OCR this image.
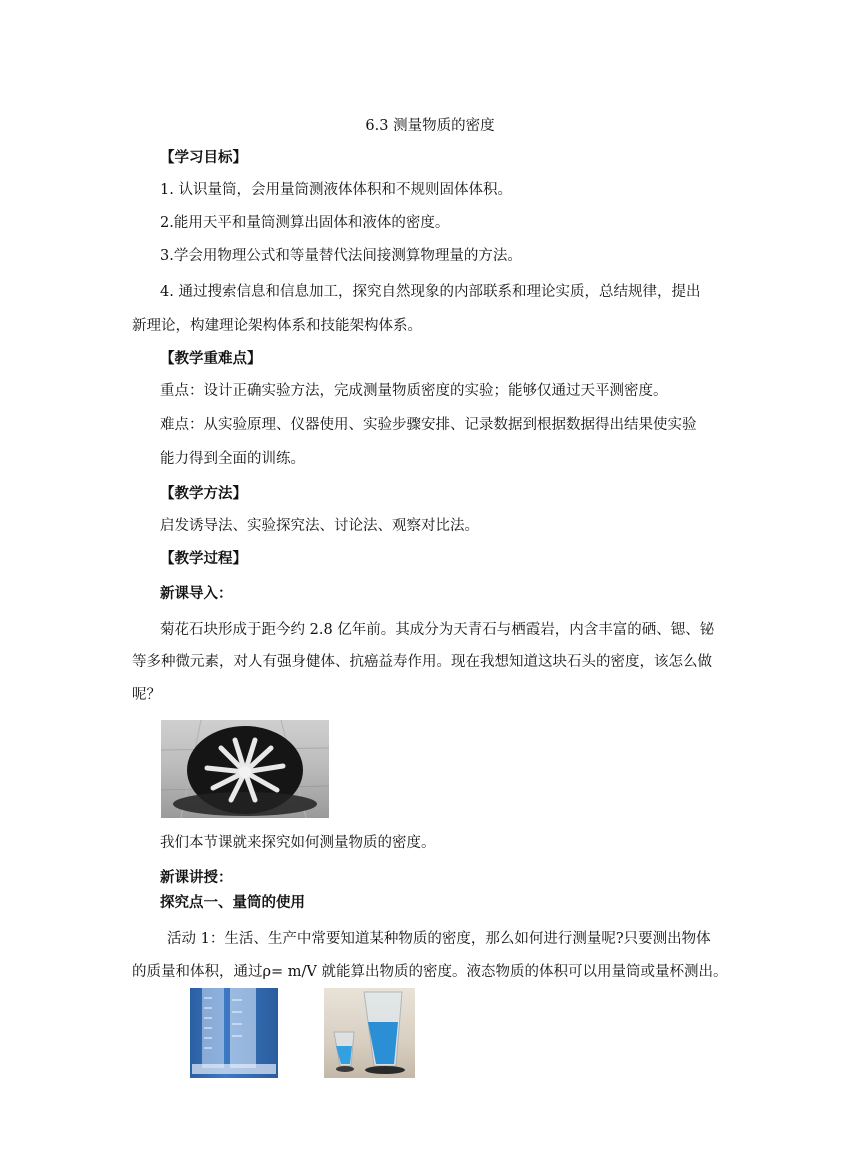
6.3 测量物质的密度
【学习目标】
1. 认识量筒，会用量筒测液体体积和不规则固体体积。
2.能用天平和量筒测算出固体和液体的密度。
3.学会用物理公式和等量替代法间接测算物理量的方法。
4. 通过搜索信息和信息加工，探究自然现象的内部联系和理论实质，总结规律，提出
新理论，构建理论架构体系和技能架构体系。
【教学重难点】
重点：设计正确实验方法，完成测量物质密度的实验；能够仅通过天平测密度。
难点：从实验原理、仪器使用、实验步骤安排、记录数据到根据数据得出结果使实验
能力得到全面的训练。
【教学方法】
启发诱导法、实验探究法、讨论法、观察对比法。
【教学过程】
新课导入：
菊花石块形成于距今约 2.8 亿年前。其成分为天青石与栖霞岩，内含丰富的硒、锶、铋
等多种微元素，对人有强身健体、抗癌益寿作用。现在我想知道这块石头的密度，该怎么做
呢？
我们本节课就来探究如何测量物质的密度。
新课讲授：
探究点一、量筒的使用
活动 1：生活、生产中常要知道某种物质的密度，那么如何进行测量呢?只要测出物体
的质量和体积，通过ρ= m/V 就能算出物质的密度。液态物质的体积可以用量筒或量杯测出。
